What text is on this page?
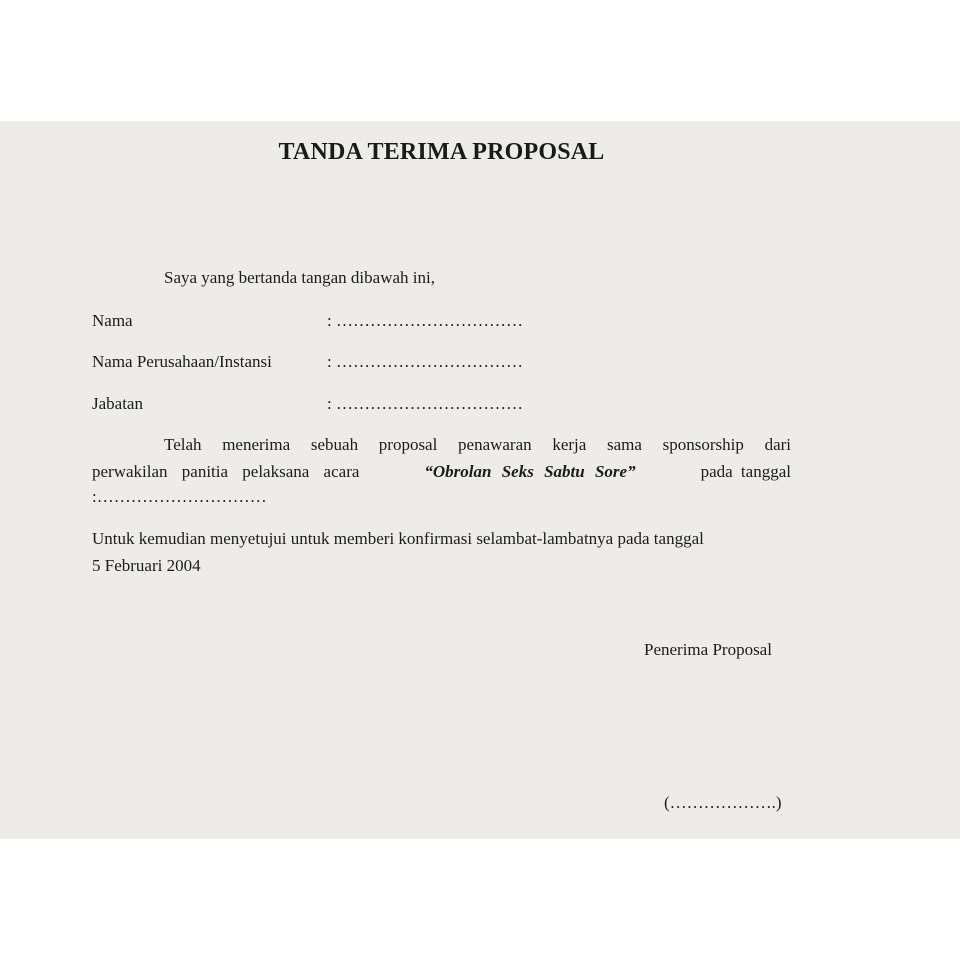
TANDA TERIMA PROPOSAL
Saya yang bertanda tangan dibawah ini,
Nama	: ……………………………
Nama Perusahaan/Instansi	: ……………………………
Jabatan	: ……………………………
Telah menerima sebuah proposal penawaran kerja sama sponsorship dari
perwakilan panitia pelaksana acara	“Obrolan Seks Sabtu Sore”	pada tanggal
:…………………………
Untuk kemudian menyetujui untuk memberi konfirmasi selambat-lambatnya pada tanggal
5 Februari 2004
Penerima Proposal
(……………….)
